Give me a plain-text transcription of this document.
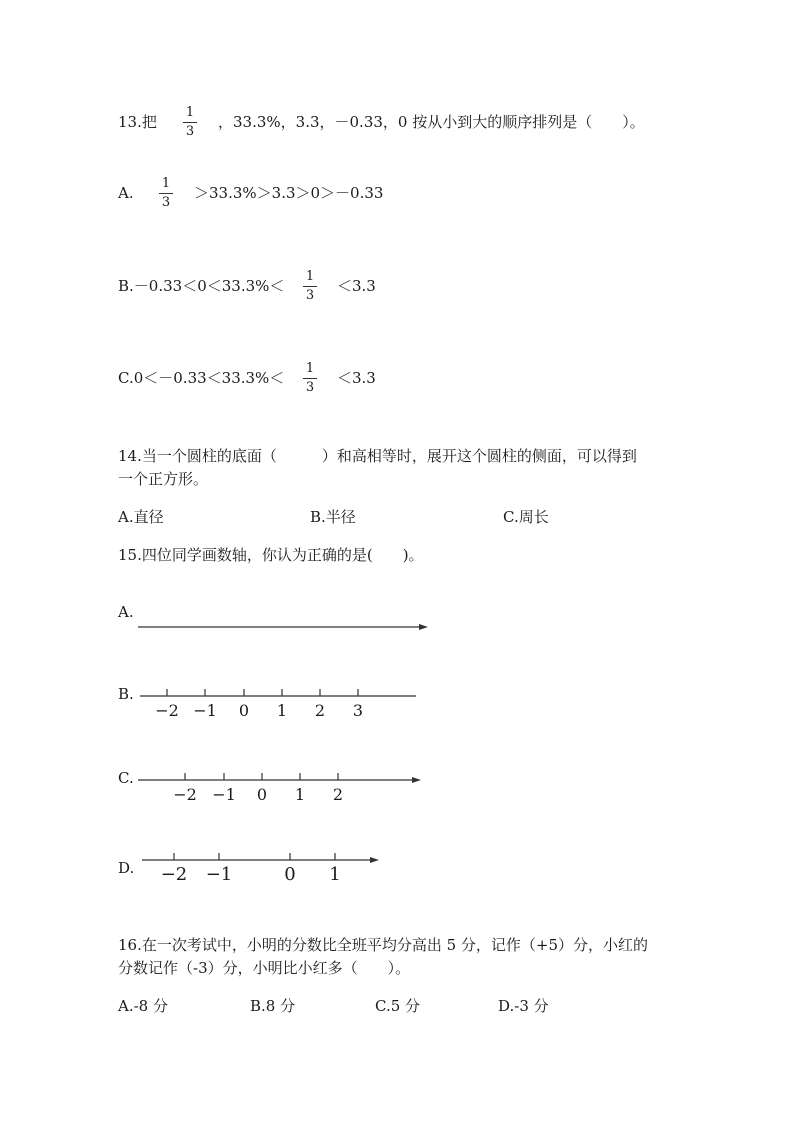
13.把
1
3
，33.3%，3.3，－0.33，0 按从小到大的顺序排列是（　　）。
A.
1
3
＞33.3%＞3.3＞0＞－0.33
B.－0.33＜0＜33.3%＜
1
3
＜3.3
C.0＜－0.33＜33.3%＜
1
3
＜3.3
14.当一个圆柱的底面（　　　）和高相等时，展开这个圆柱的侧面，可以得到
一个正方形。
A.直径	B.半径	C.周长
15.四位同学画数轴，你认为正确的是(　　)。
A.
B.
−2 −1 0 1 2 3
C.
−2 −1 0 1 2
D. −2 −1	0 1
16.在一次考试中，小明的分数比全班平均分高出 5 分，记作（+5）分，小红的
分数记作（-3）分，小明比小红多（　　）。
A.-8 分	B.8 分	C.5 分	D.-3 分
